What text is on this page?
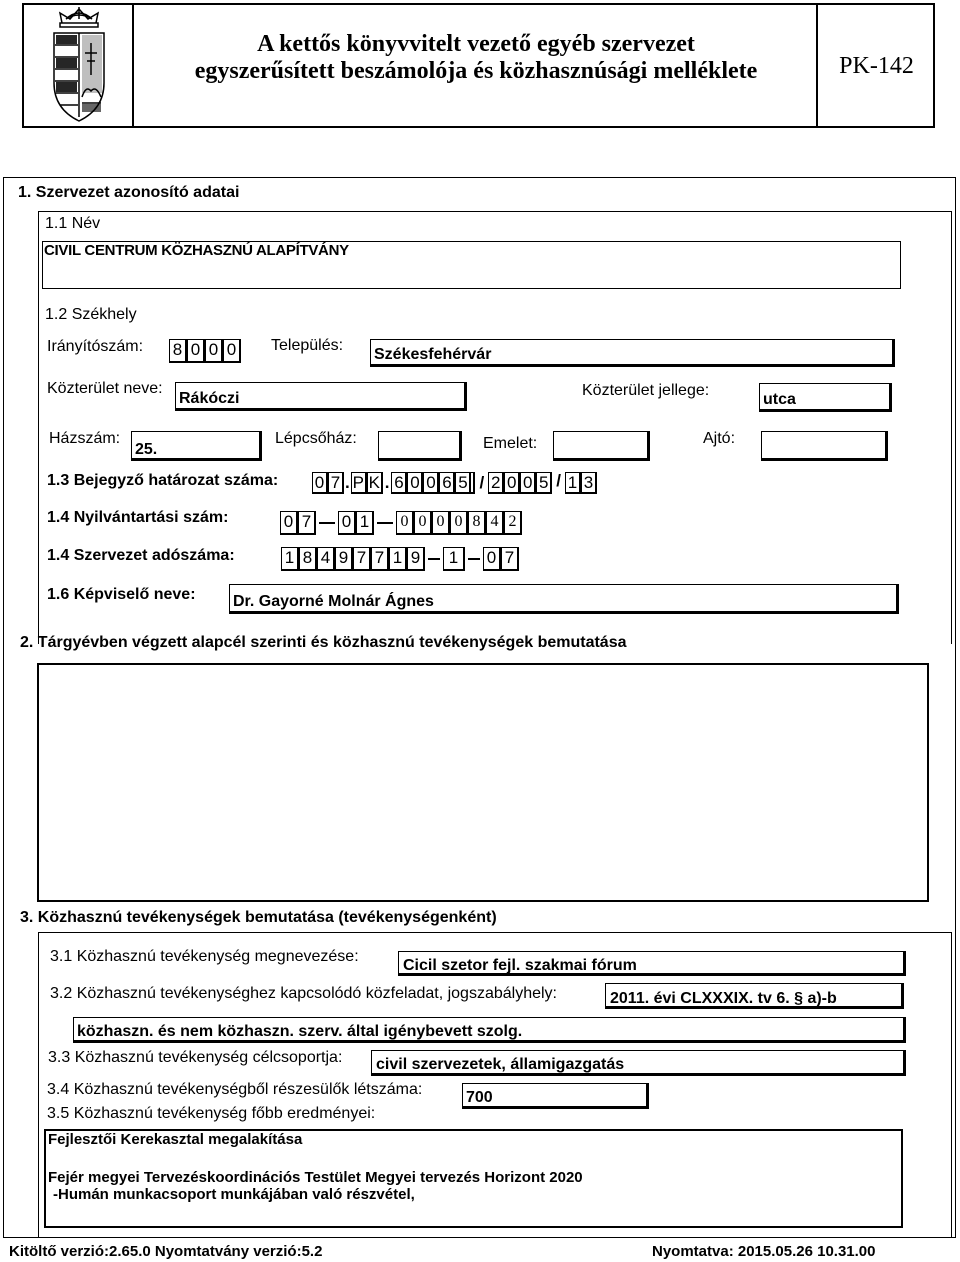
A kettős könyvvitelt vezető egyéb szervezet
egyszerűsített beszámolója és közhasznúsági melléklete	PK-142
1. Szervezet azonosító adatai
1.1 Név
CIVIL CENTRUM KÖZHASZNÚ ALAPÍTVÁNY
1.2 Székhely
Irányítószám: 8 0 0 0 Település:
Székesfehérvár
Közterület neve:
Rákóczi	Közterület jellege:
utca
Házszám:
25.
Lépcsőház:	Emelet:	Ajtó:
1.3 Bejegyző határozat száma: 0 7 . P K . 6 0 0 6 5 / 2 0 0 5 / 1 3
1.4 Nyilvántartási szám:	0 7 0 1 0 0 0 0 8 4 2
1.4 Szervezet adószáma:	1 8 4 9 7 7 1 9	1	0 7
1.6 Képviselő neve: Dr. Gayorné Molnár Ágnes
2. Tárgyévben végzett alapcél szerinti és közhasznú tevékenységek bemutatása
3. Közhasznú tevékenységek bemutatása (tevékenységenként)
3.1 Közhasznú tevékenység megnevezése:
Cicil szetor fejl. szakmai fórum
3.2 Közhasznú tevékenységhez kapcsolódó közfeladat, jogszabályhely:	2011. évi CLXXXIX. tv 6. § a)-b
közhaszn. és nem közhaszn. szerv. által igénybevett szolg.
3.3 Közhasznú tevékenység célcsoportja: civil szervezetek, államigazgatás
3.4 Közhasznú tevékenységből részesülők létszáma:	700
3.5 Közhasznú tevékenység főbb eredményei:
Fejlesztői Kerekasztal megalakítása
Fejér megyei Tervezéskoordinációs Testület Megyei tervezés Horizont 2020
-Humán munkacsoport munkájában való részvétel,
Kitöltő verzió:2.65.0 Nyomtatvány verzió:5.2	Nyomtatva: 2015.05.26 10.31.00
